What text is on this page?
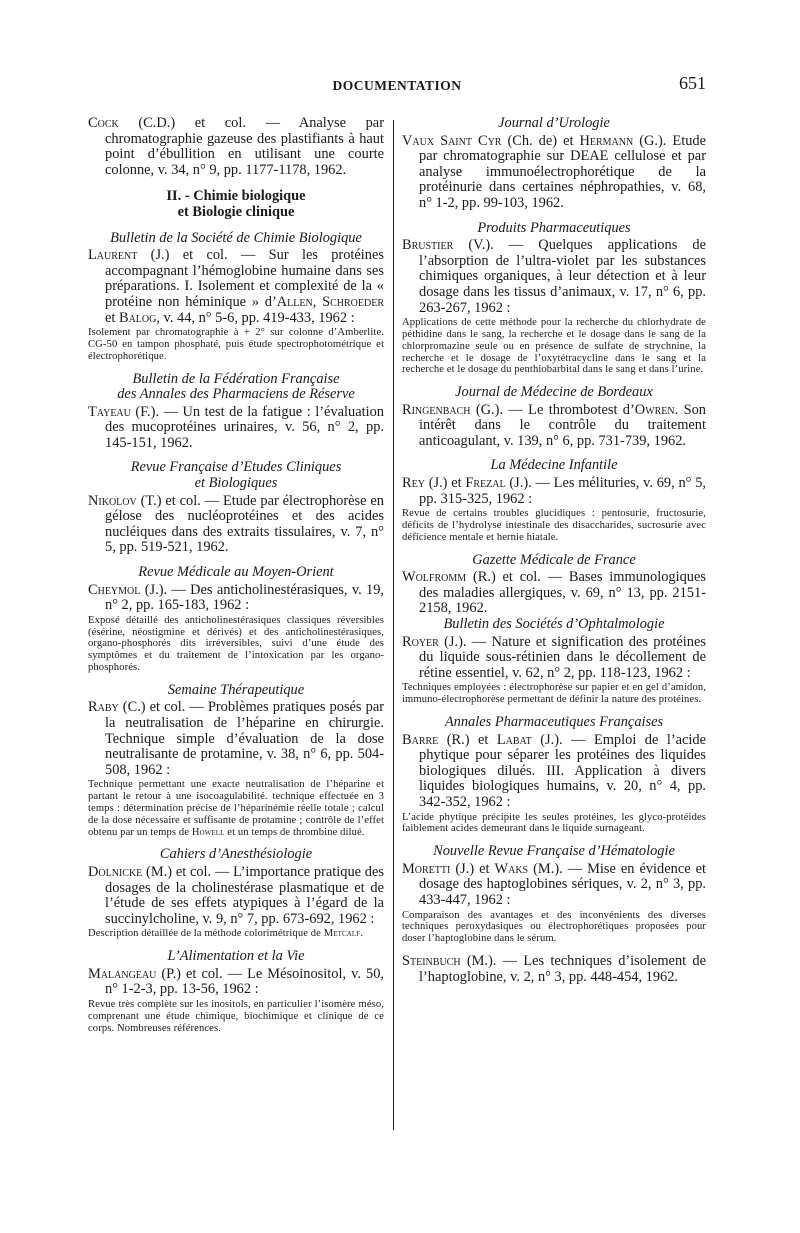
DOCUMENTATION	651

Cock (C.D.) et col. — Analyse par chromatographie gazeuse des plastifiants à haut point d’ébullition en utilisant une courte colonne, v. 34, n° 9, pp. 1177-1178, 1962.

II. - Chimie biologique
et Biologie clinique
Bulletin de la Société de Chimie Biologique

Laurent (J.) et col. — Sur les protéines accompagnant l’hémoglobine humaine dans ses préparations. I. Isolement et complexité de la « protéine non héminique » d’Allen, Schroeder et Balog, v. 44, n° 5-6, pp. 419-433, 1962 :

Isolement par chromatographie à + 2° sur colonne d’Amberlite. CG-50 en tampon phosphaté, puis étude spectrophotométrique et électrophorétique.

Bulletin de la Fédération Française
des Annales des Pharmaciens de Réserve

Tayeau (F.). — Un test de la fatigue : l’évaluation des mucoprotéines urinaires, v. 56, n° 2, pp. 145-151, 1962.

Revue Française d’Etudes Cliniques
et Biologiques

Nikolov (T.) et col. — Etude par électrophorèse en gélose des nucléoprotéines et des acides nucléiques dans des extraits tissulaires, v. 7, n° 5, pp. 519-521, 1962.

Revue Médicale au Moyen-Orient

Cheymol (J.). — Des anticholinestérasiques, v. 19, n° 2, pp. 165-183, 1962 :

Exposé détaillé des anticholinestérasiques classiques réversibles (ésérine, néostigmine et dérivés) et des anticholinestérasiques, organo-phosphorés dits irréversibles, suivi d’une étude des symptômes et du traitement de l’intoxication par les organo-phosphorés.

Semaine Thérapeutique

Raby (C.) et col. — Problèmes pratiques posés par la neutralisation de l’héparine en chirurgie. Technique simple d’évaluation de la dose neutralisante de protamine, v. 38, n° 6, pp. 504-508, 1962 :

Technique permettant une exacte neutralisation de l’héparine et partant le retour à une isocoagulabilité. technique effectuée en 3 temps : détermination précise de l’héparinémie réelle totale ; calcul de la dose nécessaire et suffisante de protamine ; contrôle de l’effet obtenu par un temps de Howell et un temps de thrombine dilué.

Cahiers d’Anesthésiologie

Dolnicke (M.) et col. — L’importance pratique des dosages de la cholinestérase plasmatique et de l’étude de ses effets atypiques à l’égard de la succinylcholine, v. 9, n° 7, pp. 673-692, 1962 :

Description détaillée de la méthode colorimétrique de Metcalf.

L’Alimentation et la Vie

Malangeau (P.) et col. — Le Mésoinositol, v. 50, n° 1-2-3, pp. 13-56, 1962 :

Revue très complète sur les inositols, en particulier l’isomère méso, comprenant une étude chimique, biochimique et clinique de ce corps. Nombreuses références.

Journal d’Urologie

Vaux Saint Cyr (Ch. de) et Hermann (G.). Etude par chromatographie sur DEAE cellulose et par analyse immunoélectrophorétique de la protéinurie dans certaines néphropathies, v. 68, n° 1-2, pp. 99-103, 1962.

Produits Pharmaceutiques

Brustier (V.). — Quelques applications de l’absorption de l’ultra-violet par les substances chimiques organiques, à leur détection et à leur dosage dans les tissus d’animaux, v. 17, n° 6, pp. 263-267, 1962 :

Applications de cette méthode pour la recherche du chlorhydrate de péthidine dans le sang, la recherche et le dosage dans le sang de la chlorpromazine seule ou en présence de sulfate de strychnine, la recherche et le dosage de l’oxytétracycline dans le sang et la recherche et le dosage du penthiobarbital dans le sang et dans l’urine.

Journal de Médecine de Bordeaux

Ringenbach (G.). — Le thrombotest d’Owren. Son intérêt dans le contrôle du traitement anticoagulant, v. 139, n° 6, pp. 731-739, 1962.

La Médecine Infantile

Rey (J.) et Frezal (J.). — Les mélituries, v. 69, n° 5, pp. 315-325, 1962 :

Revue de certains troubles glucidiques : pentosurie, fructosurie, déficits de l’hydrolyse intestinale des disaccharides, sucrosurie avec déficience mentale et hernie hiatale.

Gazette Médicale de France

Wolfromm (R.) et col. — Bases immunologiques des maladies allergiques, v. 69, n° 13, pp. 2151-2158, 1962.

Bulletin des Sociétés d’Ophtalmologie

Royer (J.). — Nature et signification des protéines du liquide sous-rétinien dans le décollement de rétine essentiel, v. 62, n° 2, pp. 118-123, 1962 :

Techniques employées : électrophorèse sur papier et en gel d’amidon, immuno-électrophorèse permettant de définir la nature des protéines.

Annales Pharmaceutiques Françaises

Barre (R.) et Labat (J.). — Emploi de l’acide phytique pour séparer les protéines des liquides biologiques dilués. III. Application à divers liquides biologiques humains, v. 20, n° 4, pp. 342-352, 1962 :

L’acide phytique précipite les seules protéines, les glyco-protéides faiblement acides demeurant dans le liquide surnageant.

Nouvelle Revue Française d’Hématologie

Moretti (J.) et Waks (M.). — Mise en évidence et dosage des haptoglobines sériques, v. 2, n° 3, pp. 433-447, 1962 :

Comparaison des avantages et des inconvénients des diverses techniques peroxydasiques ou électrophorétiques proposées pour doser l’haptoglobine dans le sérum.

Steinbuch (M.). — Les techniques d’isolement de l’haptoglobine, v. 2, n° 3, pp. 448-454, 1962.
